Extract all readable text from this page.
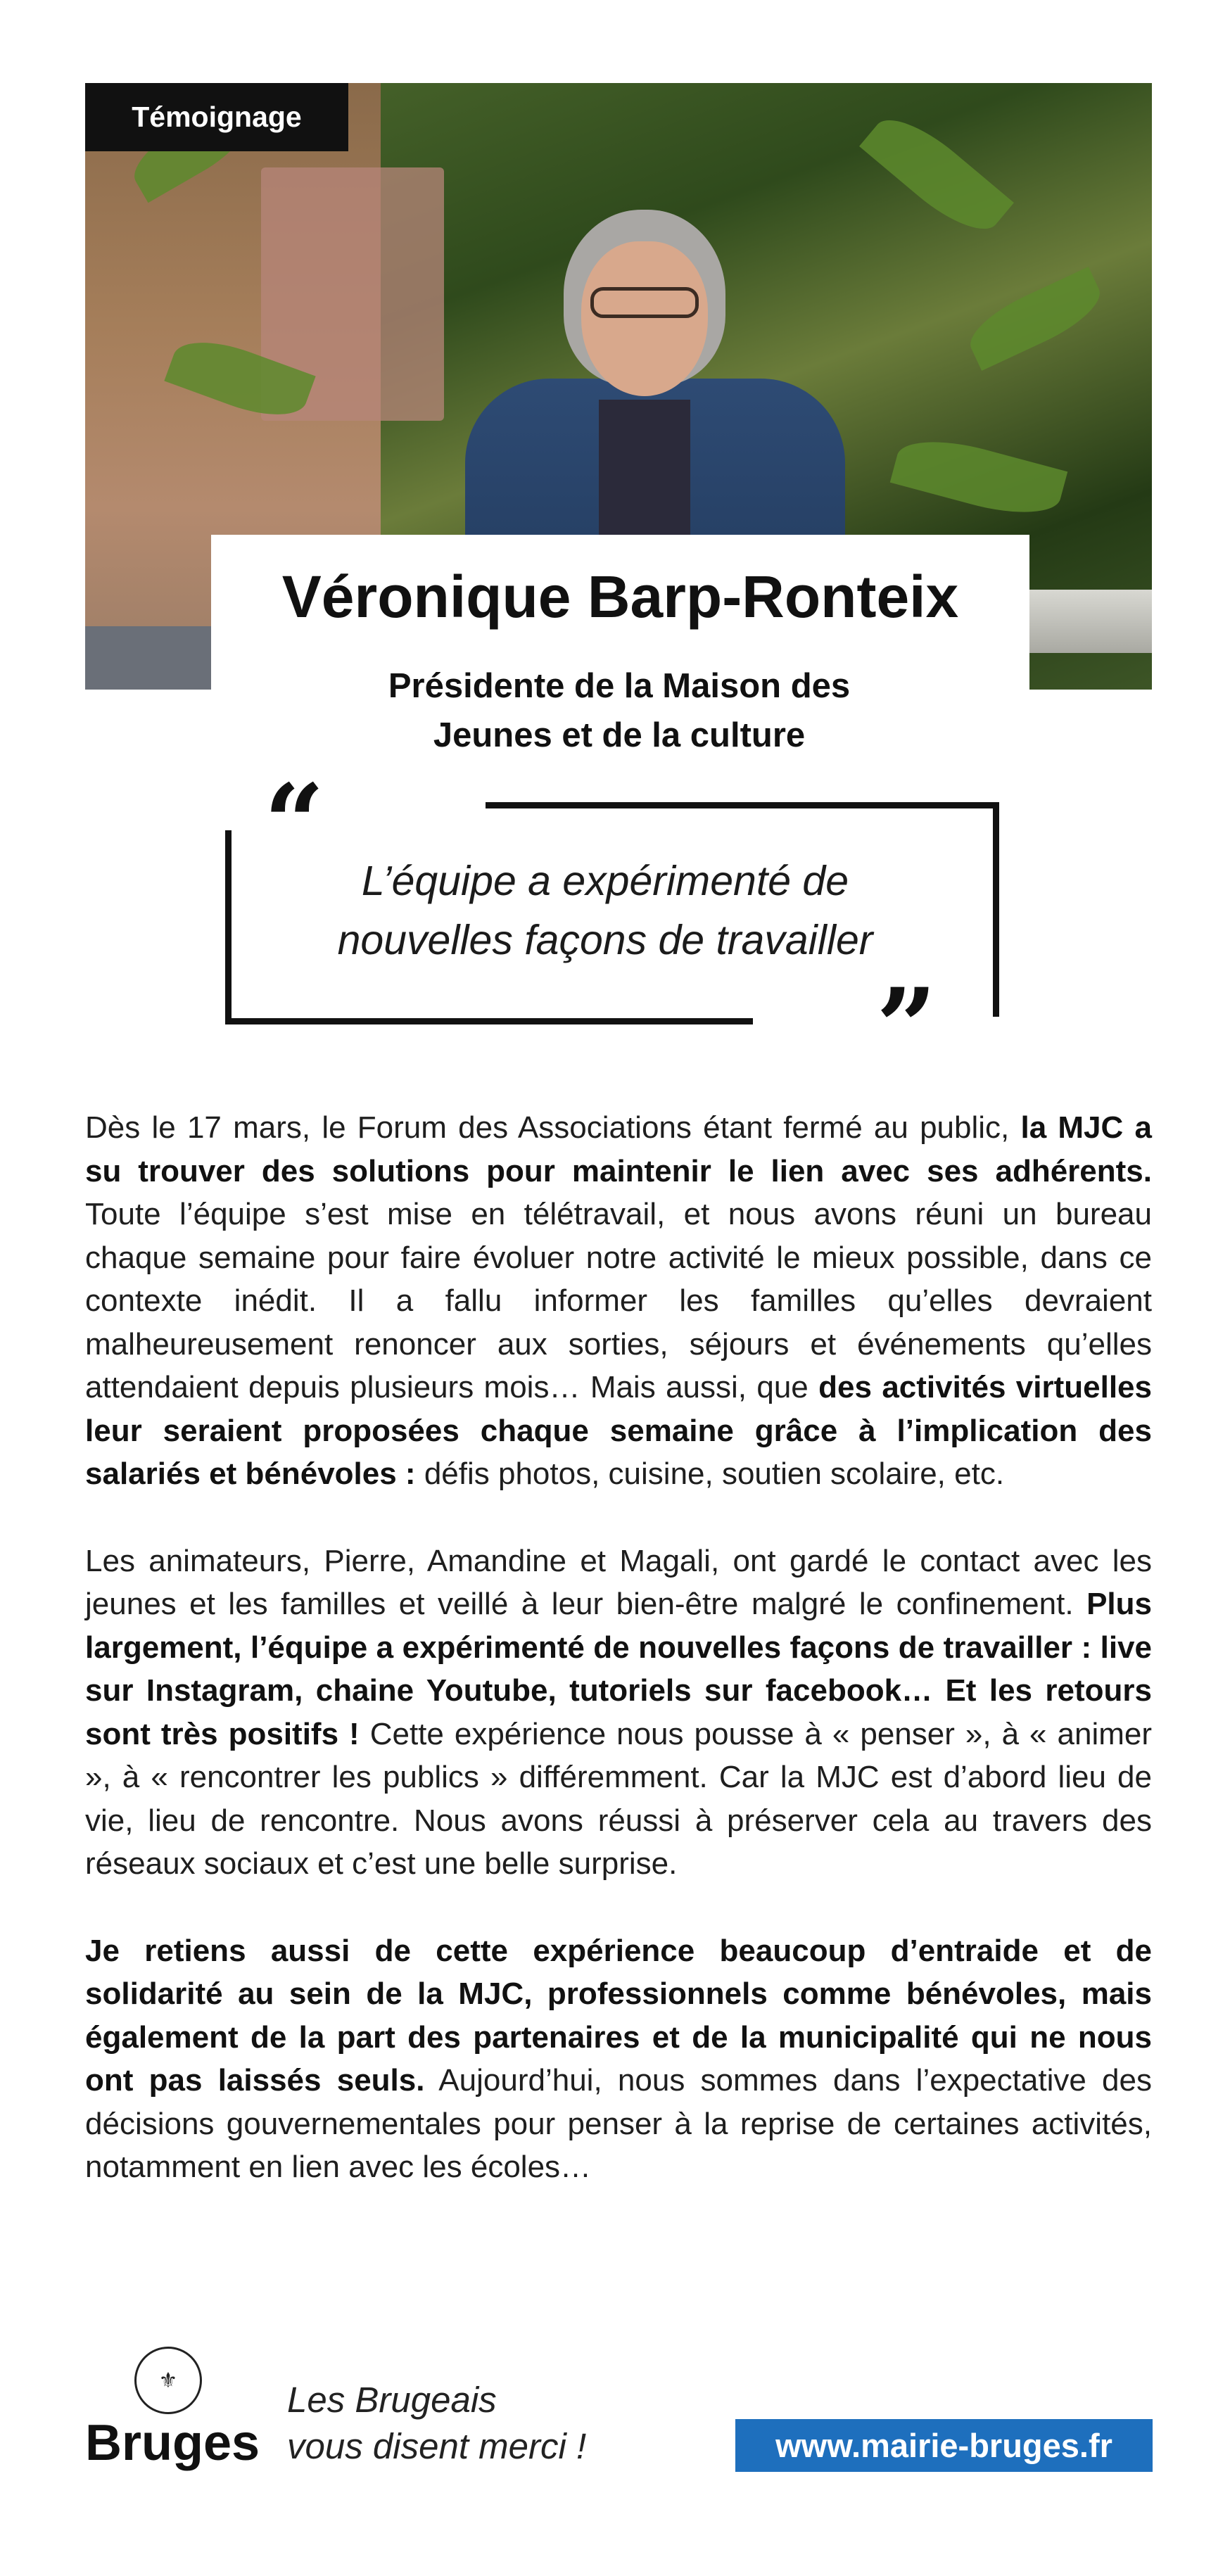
Témoignage
Véronique Barp-Ronteix
Présidente de la Maison des
Jeunes et de la culture
“
”
L’équipe a expérimenté de
nouvelles façons de travailler

Dès le 17 mars, le Forum des Associations étant fermé au public, la MJC a su trouver des solutions pour maintenir le lien avec ses adhérents. Toute l’équipe s’est mise en télétravail, et nous avons réuni un bureau chaque semaine pour faire évoluer notre activité le mieux possible, dans ce contexte inédit. Il a fallu informer les familles qu’elles devraient malheureusement renoncer aux sorties, séjours et événements qu’elles attendaient depuis plusieurs mois… Mais aussi, que des activités virtuelles leur seraient proposées chaque semaine grâce à l’implication des salariés et bénévoles : défis photos, cuisine, soutien scolaire, etc.

Les animateurs, Pierre, Amandine et Magali, ont gardé le contact avec les jeunes et les familles et veillé à leur bien-être malgré le confinement. Plus largement, l’équipe a expérimenté de nouvelles façons de travailler : live sur Instagram, chaine Youtube, tutoriels sur facebook… Et les retours sont très positifs ! Cette expérience nous pousse à « penser », à « animer », à « rencontrer les publics » différemment. Car la MJC est d’abord lieu de vie, lieu de rencontre. Nous avons réussi à préserver cela au travers des réseaux sociaux et c’est une belle surprise.

Je retiens aussi de cette expérience beaucoup d’entraide et de solidarité au sein de la MJC, professionnels comme bénévoles, mais également de la part des partenaires et de la municipalité qui ne nous ont pas laissés seuls. Aujourd’hui, nous sommes dans l’expectative des décisions gouvernementales pour penser à la reprise de certaines activités, notamment en lien avec les écoles…

⚜
Bruges
Les Brugeais
vous disent merci !	www.mairie-bruges.fr
